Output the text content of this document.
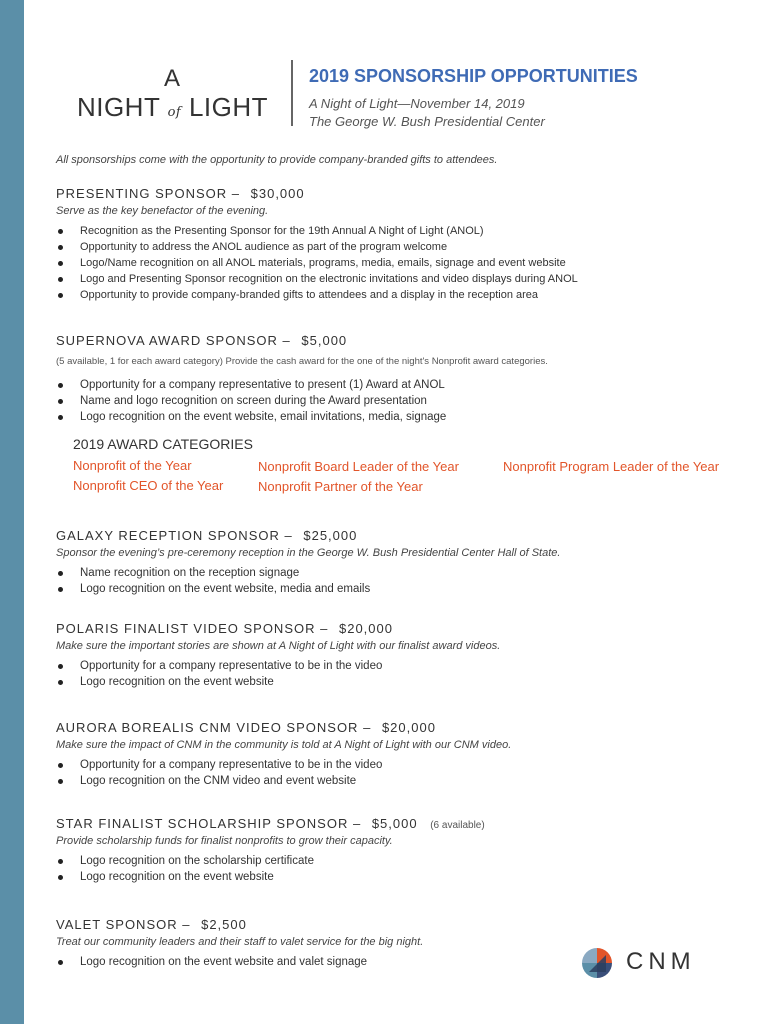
A
NIGHT of LIGHT
2019 SPONSORSHIP OPPORTUNITIES
A Night of Light—November 14, 2019
The George W. Bush Presidential Center
All sponsorships come with the opportunity to provide company-branded gifts to attendees.
PRESENTING SPONSOR – $30,000
Serve as the key benefactor of the evening.
Recognition as the Presenting Sponsor for the 19th Annual A Night of Light (ANOL)
Opportunity to address the ANOL audience as part of the program welcome
Logo/Name recognition on all ANOL materials, programs, media, emails, signage and event website
Logo and Presenting Sponsor recognition on the electronic invitations and video displays during ANOL
Opportunity to provide company-branded gifts to attendees and a display in the reception area
SUPERNOVA AWARD SPONSOR – $5,000
(5 available, 1 for each award category) Provide the cash award for the one of the night's Nonprofit award categories.
Opportunity for a company representative to present (1) Award at ANOL
Name and logo recognition on screen during the Award presentation
Logo recognition on the event website, email invitations, media, signage
2019 AWARD CATEGORIES
Nonprofit of the Year
Nonprofit CEO of the Year
Nonprofit Board Leader of the Year
Nonprofit Partner of the Year
Nonprofit Program Leader of the Year
GALAXY RECEPTION SPONSOR – $25,000
Sponsor the evening’s pre-ceremony reception in the George W. Bush Presidential Center Hall of State.
Name recognition on the reception signage
Logo recognition on the event website, media and emails
POLARIS FINALIST VIDEO SPONSOR – $20,000
Make sure the important stories are shown at A Night of Light with our finalist award videos.
Opportunity for a company representative to be in the video
Logo recognition on the event website
AURORA BOREALIS CNM VIDEO SPONSOR – $20,000
Make sure the impact of CNM in the community is told at A Night of Light with our CNM video.
Opportunity for a company representative to be in the video
Logo recognition on the CNM video and event website
STAR FINALIST SCHOLARSHIP SPONSOR – $5,000 (6 available)
Provide scholarship funds for finalist nonprofits to grow their capacity.
Logo recognition on the scholarship certificate
Logo recognition on the event website
VALET SPONSOR – $2,500
Treat our community leaders and their staff to valet service for the big night.
Logo recognition on the event website and valet signage	CNM
